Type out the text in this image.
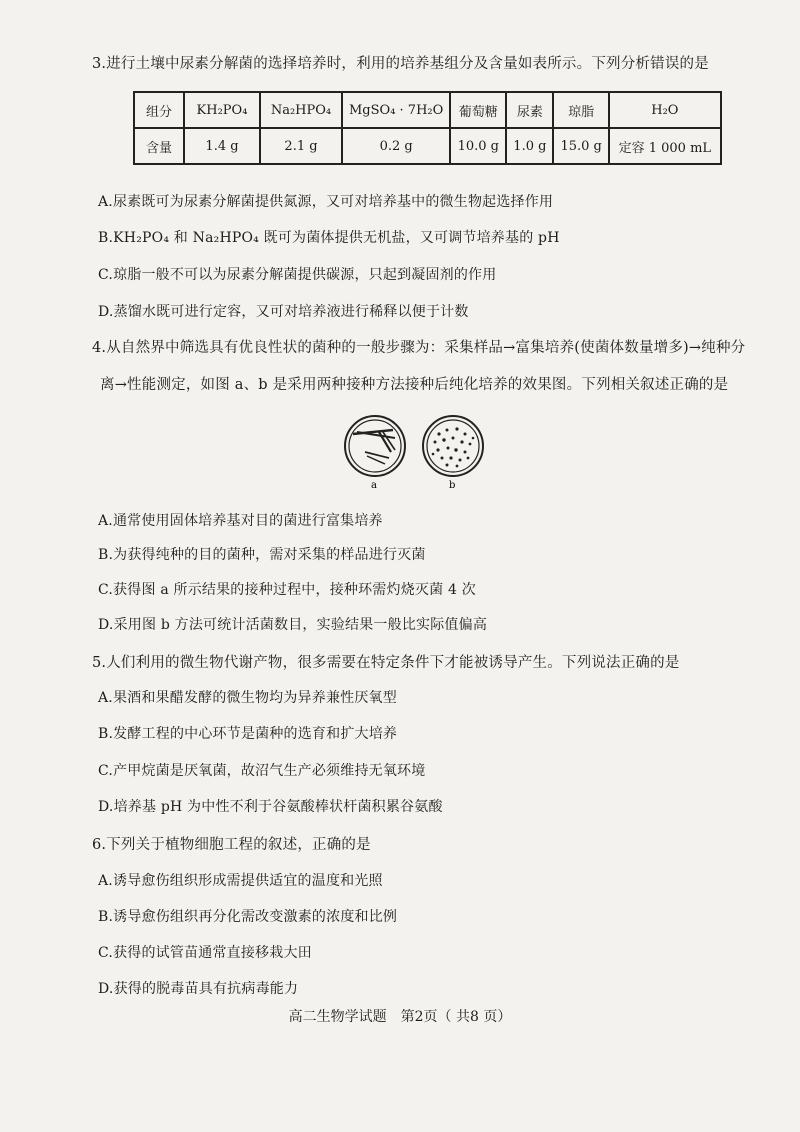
3.进行土壤中尿素分解菌的选择培养时，利用的培养基组分及含量如表所示。下列分析错误的是
组分	KH₂PO₄	Na₂HPO₄	MgSO₄ · 7H₂O	葡萄糖	尿素	琼脂	H₂O
含量	1.4 g	2.1 g	0.2 g	10.0 g	1.0 g	15.0 g	定容 1 000 mL
A.尿素既可为尿素分解菌提供氮源，又可对培养基中的微生物起选择作用
B.KH₂PO₄ 和 Na₂HPO₄ 既可为菌体提供无机盐，又可调节培养基的 pH
C.琼脂一般不可以为尿素分解菌提供碳源，只起到凝固剂的作用
D.蒸馏水既可进行定容，又可对培养液进行稀释以便于计数
4.从自然界中筛选具有优良性状的菌种的一般步骤为：采集样品→富集培养(使菌体数量增多)→纯种分
离→性能测定，如图 a、b 是采用两种接种方法接种后纯化培养的效果图。下列相关叙述正确的是
a	b
A.通常使用固体培养基对目的菌进行富集培养
B.为获得纯种的目的菌种，需对采集的样品进行灭菌
C.获得图 a 所示结果的接种过程中，接种环需灼烧灭菌 4 次
D.采用图 b 方法可统计活菌数目，实验结果一般比实际值偏高
5.人们利用的微生物代谢产物，很多需要在特定条件下才能被诱导产生。下列说法正确的是
A.果酒和果醋发酵的微生物均为异养兼性厌氧型
B.发酵工程的中心环节是菌种的选育和扩大培养
C.产甲烷菌是厌氧菌，故沼气生产必须维持无氧环境
D.培养基 pH 为中性不利于谷氨酸棒状杆菌积累谷氨酸
6.下列关于植物细胞工程的叙述，正确的是
A.诱导愈伤组织形成需提供适宜的温度和光照
B.诱导愈伤组织再分化需改变激素的浓度和比例
C.获得的试管苗通常直接移栽大田
D.获得的脱毒苗具有抗病毒能力
高二生物学试题　第2页（ 共8 页）
